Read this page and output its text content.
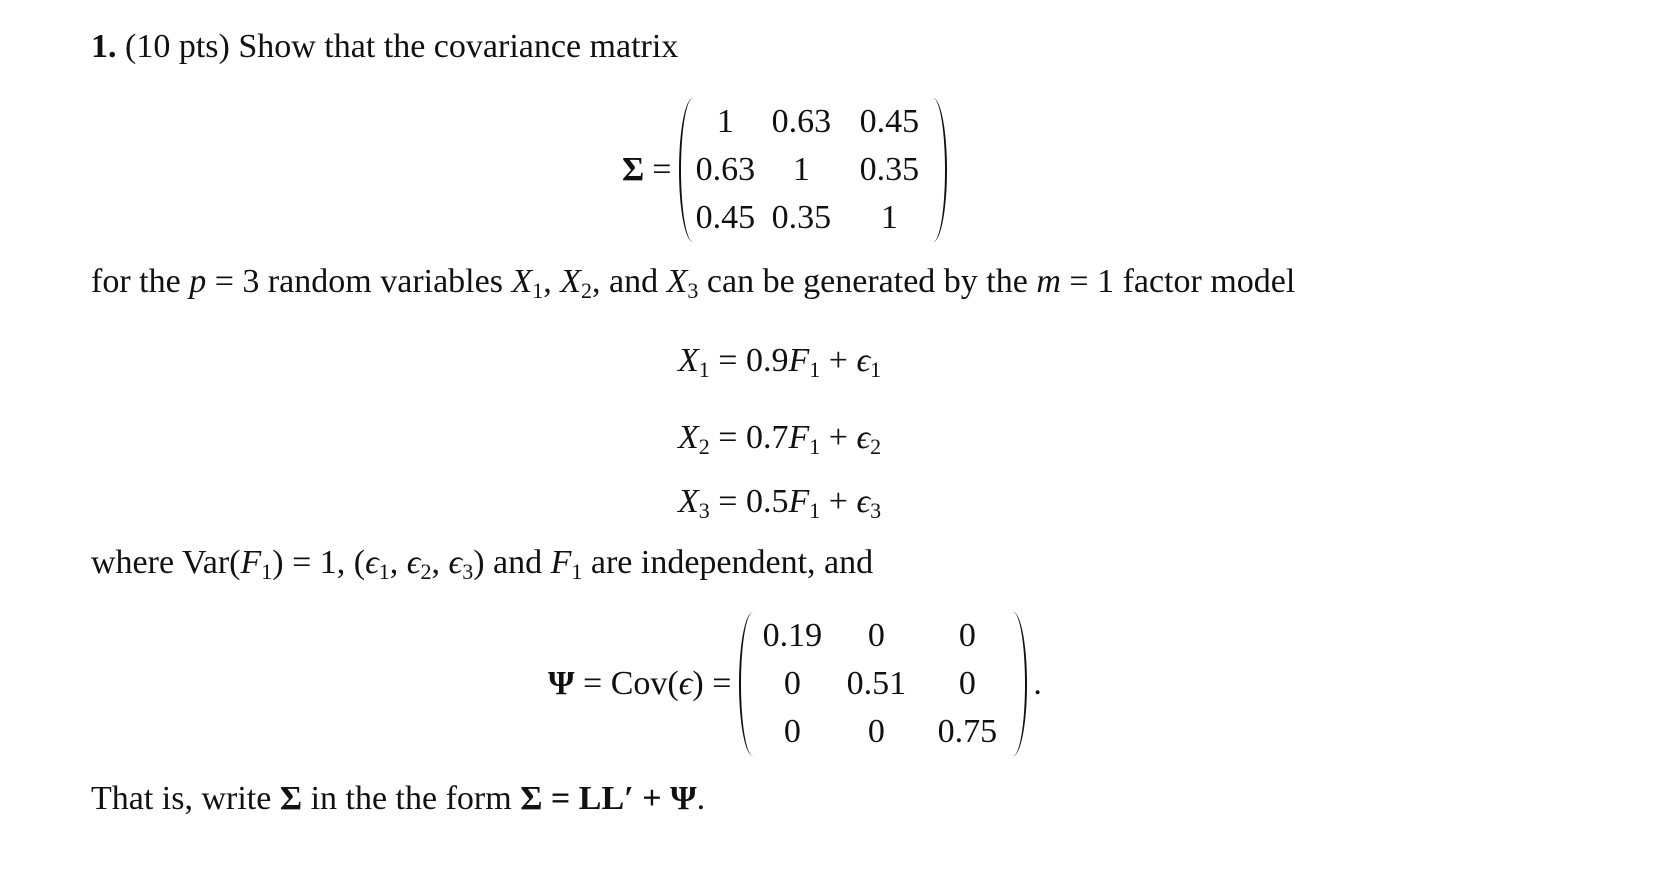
1. (10 pts) Show that the covariance matrix
Σ =
1	0.63 0.45
0.63	1	0.35
0.45 0.35	1
for the p = 3 random variables $X_1$, $X_2$, and $X_3$ can be generated by the m = 1 factor model
$X_1 = 0.9F_1 + \epsilon_1$
$X_2 = 0.7F_1 + \epsilon_2$
$X_3 = 0.5F_1 + \epsilon_3$
where $Var(F_1) = 1$, ($\epsilon_1$, $\epsilon_2$, $\epsilon_3$) and $F_1$ are independent, and
Ψ = Cov(ϵ) =
0.19	0	0
0	0.51	0
0	0	0.75
.
That is, write Σ in the the form Σ = LL′ + Ψ.
